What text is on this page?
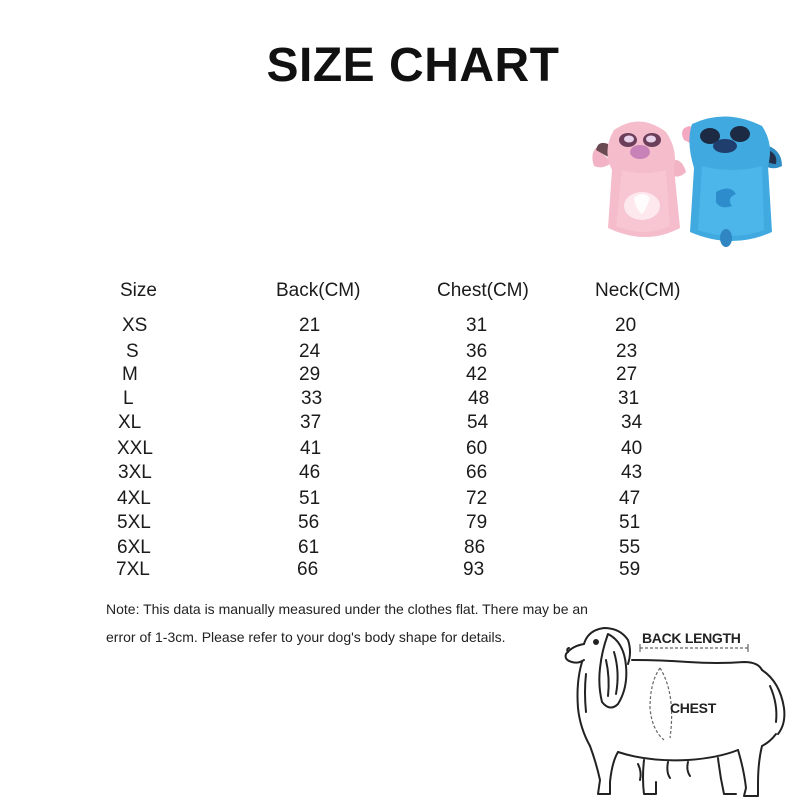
SIZE CHART
Size	Back(CM)	Chest(CM)	Neck(CM)
XS	21	31	20
S	24	36	23
M	29	42	27
L	33	48	31
XL	37	54	34
XXL	41	60	40
3XL	46	66	43
4XL	51	72	47
5XL	56	79	51
6XL	61	86	55
7XL	66	93	59
Note: This data is manually measured under the clothes flat. There may be an
error of 1-3cm. Please refer to your dog's body shape for details.	BACK LENGTH
CHEST
